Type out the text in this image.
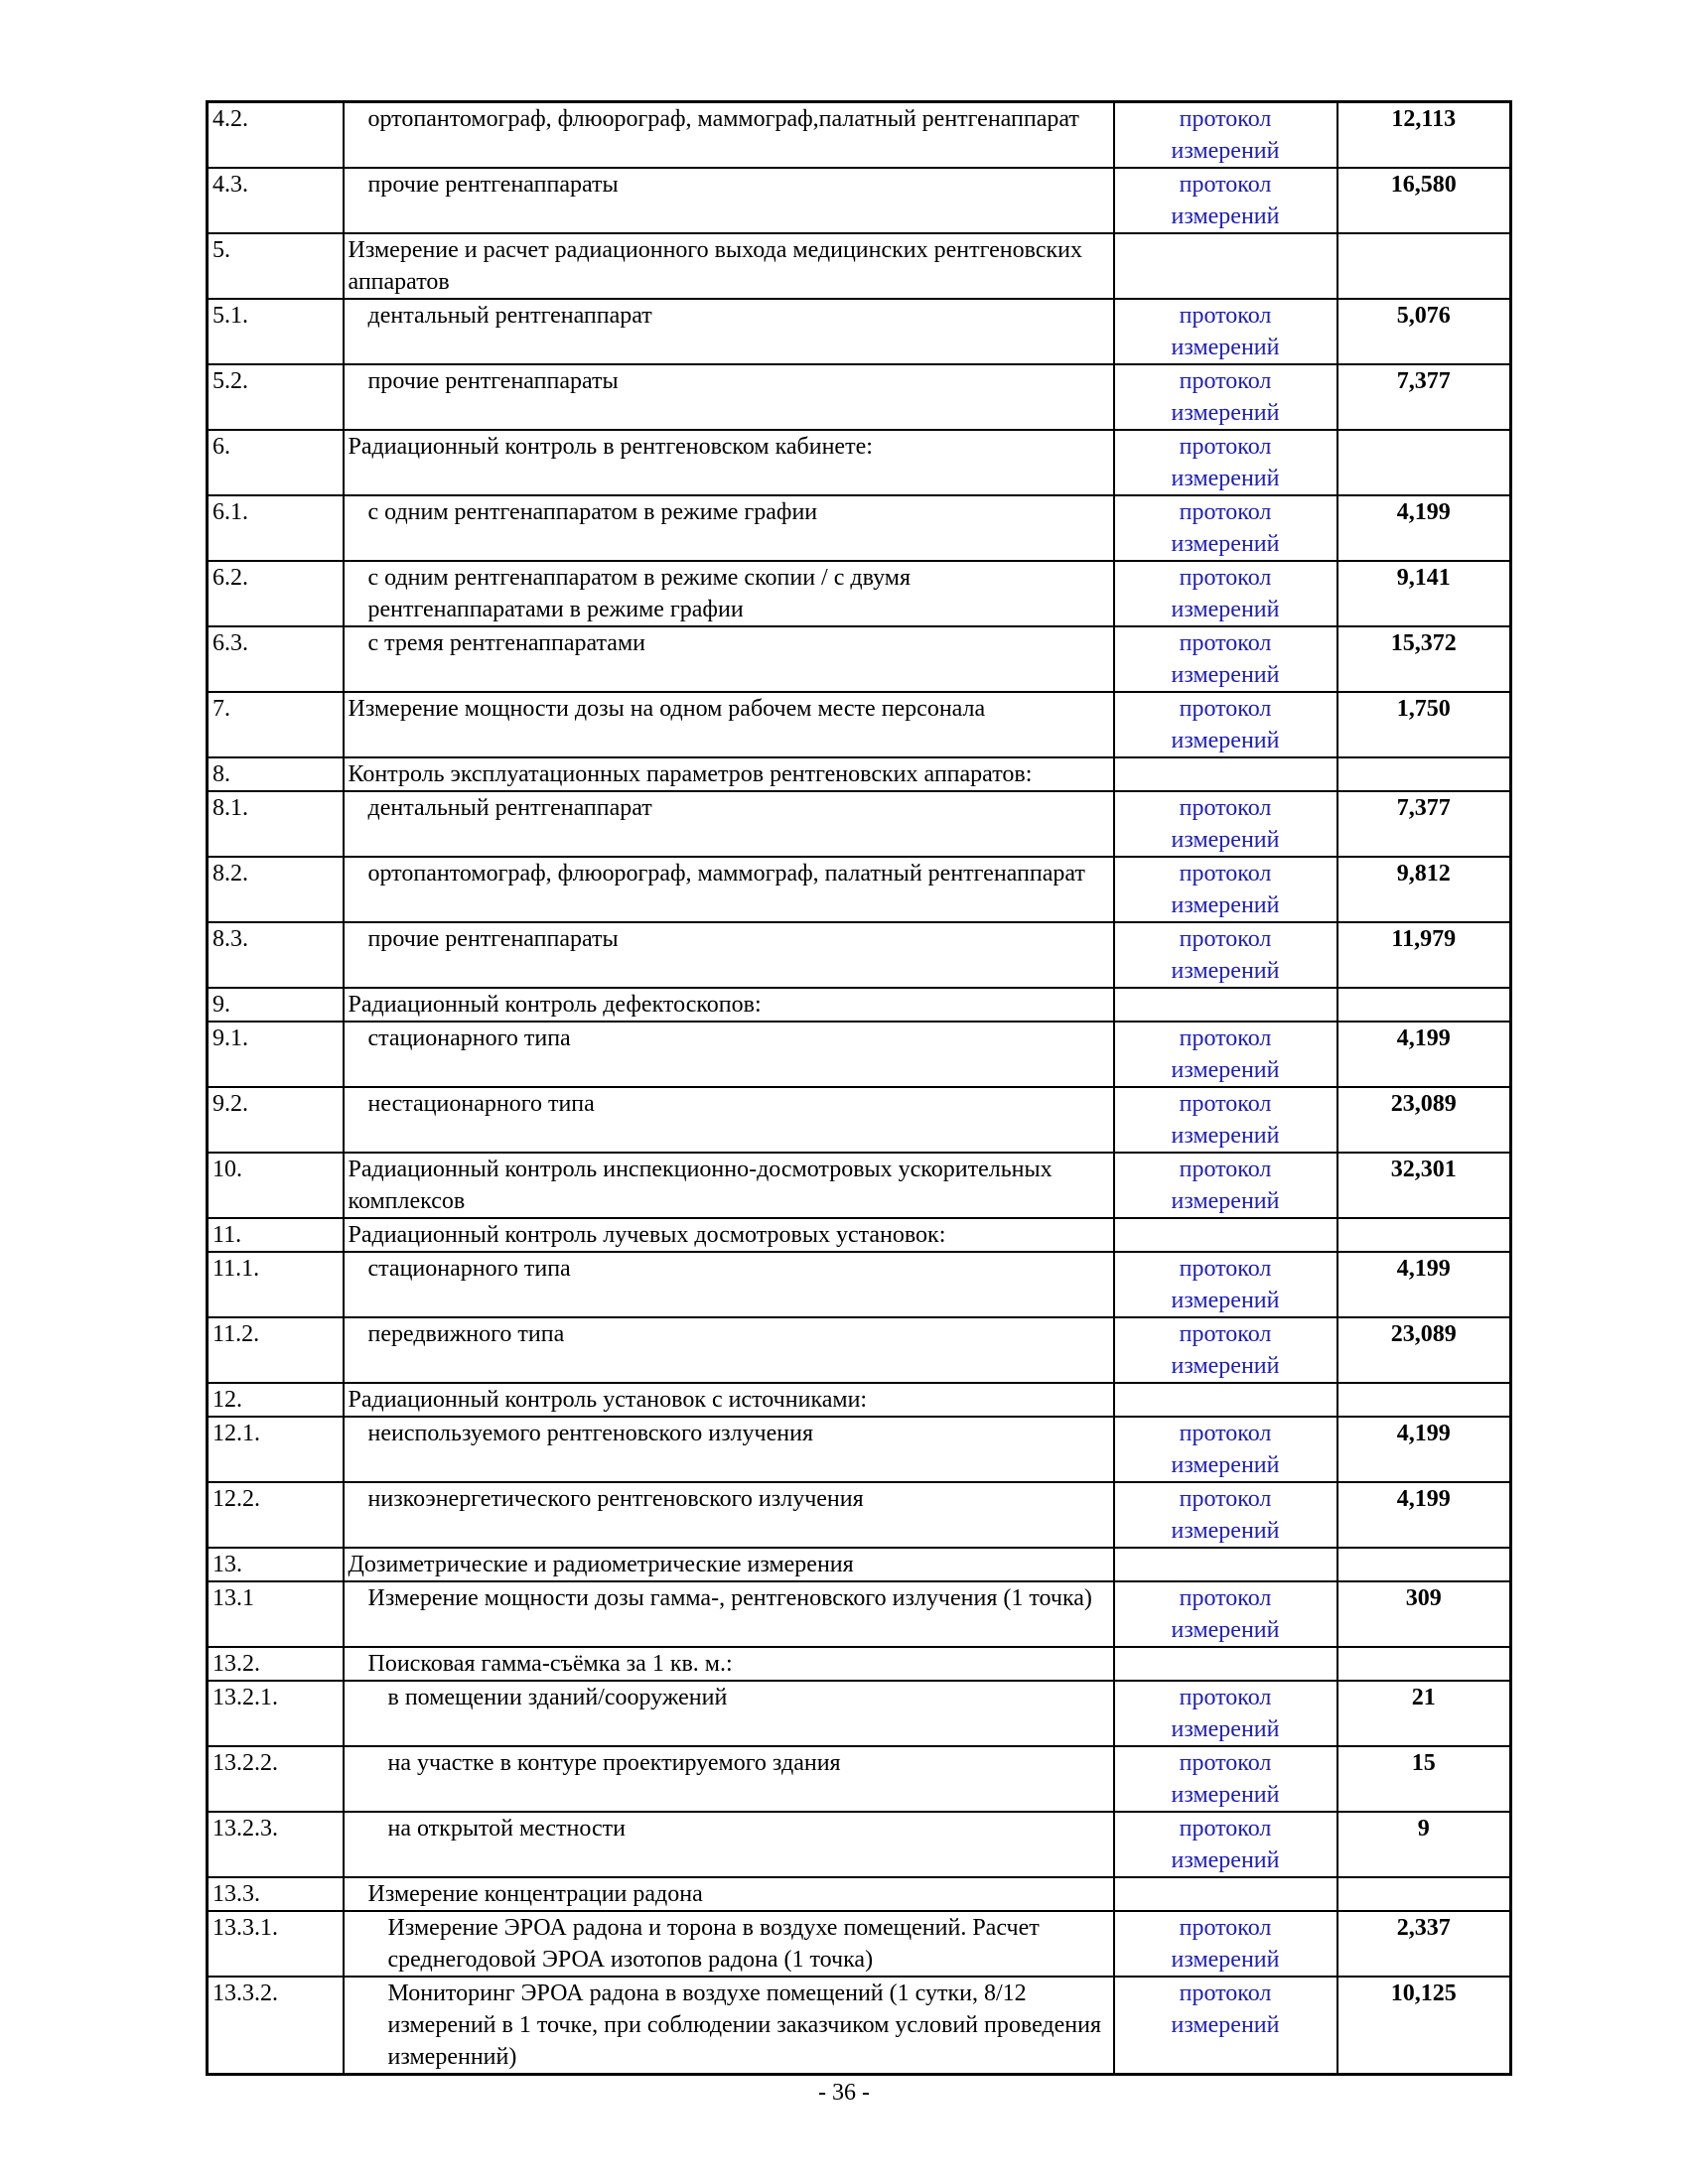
4.2.	ортопантомограф, флюорограф, маммограф,палатный рентгенаппарат	протокол
измерений	12,113
4.3.	прочие рентгенаппараты	протокол
измерений	16,580
5.	Измерение и расчет радиационного выхода медицинских рентгеновских аппаратов		
5.1.	дентальный рентгенаппарат	протокол
измерений	5,076
5.2.	прочие рентгенаппараты	протокол
измерений	7,377
6.	Радиационный контроль в рентгеновском кабинете:	протокол
измерений	

6.1.	с одним рентгенаппаратом в режиме графии	протокол
измерений	4,199
6.2.	с одним рентгенаппаратом в режиме скопии / с двумя рентгенаппаратами в режиме графии	протокол
измерений	9,141
6.3.	с тремя рентгенаппаратами	протокол
измерений	15,372
7.	Измерение мощности дозы на одном рабочем месте персонала	протокол
измерений	1,750
8.	Контроль эксплуатационных параметров рентгеновских аппаратов:		
8.1.	дентальный рентгенаппарат	протокол
измерений	7,377
8.2.	ортопантомограф, флюорограф, маммограф, палатный рентгенаппарат	протокол
измерений	9,812
8.3.	прочие рентгенаппараты	протокол
измерений	11,979
9.	Радиационный контроль дефектоскопов:		
9.1.	стационарного типа	протокол
измерений	4,199
9.2.	нестационарного типа	протокол
измерений	23,089
10.	Радиационный контроль инспекционно-досмотровых ускорительных комплексов	протокол
измерений	32,301
11.	Радиационный контроль лучевых досмотровых установок:		
11.1.	стационарного типа	протокол
измерений	4,199
11.2.	передвижного типа	протокол
измерений	23,089
12.	Радиационный контроль установок с источниками:		
12.1.	неиспользуемого рентгеновского излучения	протокол
измерений	4,199
12.2.	низкоэнергетического рентгеновского излучения	протокол
измерений	4,199
13.	Дозиметрические и радиометрические измерения		
13.1	Измерение мощности дозы гамма-, рентгеновского излучения (1 точка)	протокол
измерений	309
13.2.	Поисковая гамма-съёмка за 1 кв. м.:		
13.2.1.	в помещении зданий/сооружений	протокол
измерений	21
13.2.2.	на участке в контуре проектируемого здания	протокол
измерений	15
13.2.3.	на открытой местности	протокол
измерений	9
13.3.	Измерение концентрации радона		
13.3.1.	Измерение ЭРОА радона и торона в воздухе помещений. Расчет среднегодовой ЭРОА изотопов радона (1 точка)	протокол
измерений	2,337
13.3.2.	Мониторинг ЭРОА радона в воздухе помещений (1 сутки, 8/12 измерений в 1 точке, при соблюдении заказчиком условий проведения измеренний)	протокол
измерений	10,125
- 36 -
